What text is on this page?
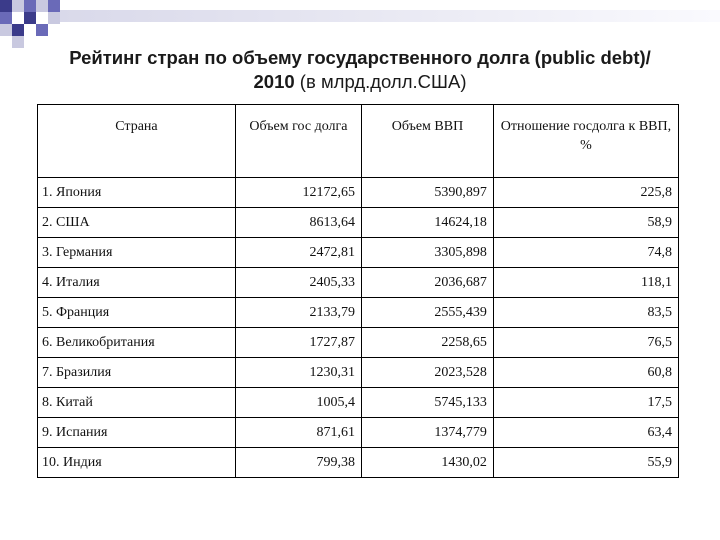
Рейтинг стран по объему государственного долга (public debt)/
2010 (в млрд.долл.США)
Страна	Объем гос долга	Объем ВВП	Отношение госдолга к ВВП, %
1. Япония	12172,65	5390,897	225,8
2. США	8613,64	14624,18	58,9
3. Германия	2472,81	3305,898	74,8
4. Италия	2405,33	2036,687	118,1
5. Франция	2133,79	2555,439	83,5
6. Великобритания	1727,87	2258,65	76,5
7. Бразилия	1230,31	2023,528	60,8
8. Китай	1005,4	5745,133	17,5
9. Испания	871,61	1374,779	63,4
10. Индия	799,38	1430,02	55,9
